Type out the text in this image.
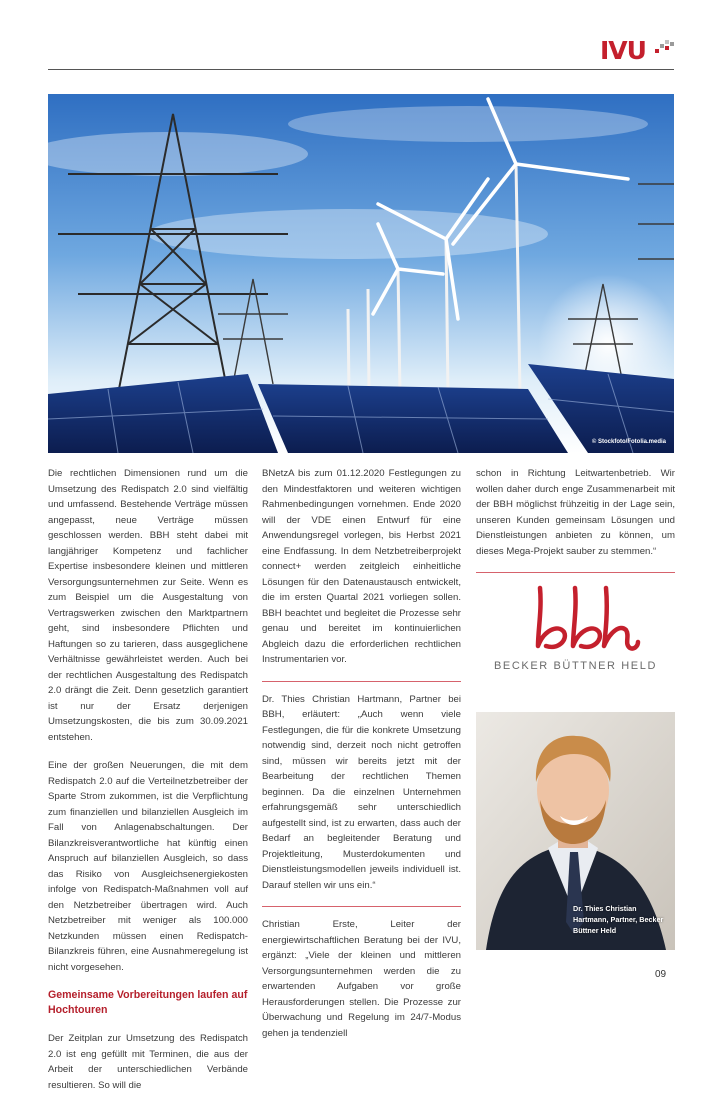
IVU
© Stockfoto/Fotolia.media

Die rechtlichen Dimensionen rund um die Umsetzung des Redispatch 2.0 sind vielfältig und umfassend. Bestehende Verträge müssen angepasst, neue Verträge müssen geschlossen werden. BBH steht dabei mit langjähriger Kompetenz und fachlicher Expertise insbesondere kleinen und mittleren Versorgungsunternehmen zur Seite. Wenn es zum Beispiel um die Ausgestaltung von Vertragswerken zwischen den Marktpartnern geht, sind insbesondere Pflichten und Haftungen so zu tarieren, dass ausgeglichene Verhältnisse gewährleistet werden. Auch bei der rechtlichen Ausgestaltung des Redispatch 2.0 drängt die Zeit. Denn gesetzlich garantiert ist nur der Ersatz derjenigen Umsetzungskosten, die bis zum 30.09.2021 entstehen.

Eine der großen Neuerungen, die mit dem Redispatch 2.0 auf die Verteilnetzbetreiber der Sparte Strom zukommen, ist die Verpflichtung zum finanziellen und bilanziellen Ausgleich im Fall von Anlagenabschaltungen. Der Bilanzkreisverantwortliche hat künftig einen Anspruch auf bilanziellen Ausgleich, so dass das Risiko von Ausgleichsenergiekosten infolge von Redispatch-Maßnahmen voll auf den Netzbetreiber übertragen wird. Auch Netzbetreiber mit weniger als 100.000 Netzkunden müssen einen Redispatch-Bilanzkreis führen, eine Ausnahmeregelung ist nicht vorgesehen.

Gemeinsame Vorbereitungen laufen auf Hochtouren

Der Zeitplan zur Umsetzung des Redispatch 2.0 ist eng gefüllt mit Terminen, die aus der Arbeit der unterschiedlichen Verbände resultieren. So will die

BNetzA bis zum 01.12.2020 Festlegungen zu den Mindestfaktoren und weiteren wichtigen Rahmenbedingungen vornehmen. Ende 2020 will der VDE einen Entwurf für eine Anwendungsregel vorlegen, bis Herbst 2021 eine Endfassung. In dem Netzbetreiberprojekt connect+ werden zeitgleich einheitliche Lösungen für den Datenaustausch entwickelt, die im ersten Quartal 2021 vorliegen sollen. BBH beachtet und begleitet die Prozesse sehr genau und bereitet im kontinuierlichen Abgleich dazu die erforderlichen rechtlichen Instrumentarien vor.

Dr. Thies Christian Hartmann, Partner bei BBH, erläutert: „Auch wenn viele Festlegungen, die für die konkrete Umsetzung notwendig sind, derzeit noch nicht getroffen sind, müssen wir bereits jetzt mit der Bearbeitung der rechtlichen Themen beginnen. Da die einzelnen Unternehmen erfahrungsgemäß sehr unterschiedlich aufgestellt sind, ist zu erwarten, dass auch der Bedarf an begleitender Beratung und Projektleitung, Musterdokumenten und Dienstleistungsmodellen jeweils individuell ist. Darauf stellen wir uns ein.“

Christian Erste, Leiter der energiewirtschaftlichen Beratung bei der IVU, ergänzt: „Viele der kleinen und mittleren Versorgungsunternehmen werden die zu erwartenden Aufgaben vor große Herausforderungen stellen. Die Prozesse zur Überwachung und Regelung im 24/7-Modus gehen ja tendenziell

schon in Richtung Leitwartenbetrieb. Wir wollen daher durch enge Zusammenarbeit mit der BBH möglichst frühzeitig in der Lage sein, unseren Kunden gemeinsam Lösungen und Dienstleistungen anbieten zu können, um dieses Mega-Projekt sauber zu stemmen.“

BECKER BÜTTNER HELD
Dr. Thies Christian Hartmann, Partner, Becker Büttner Held
09
